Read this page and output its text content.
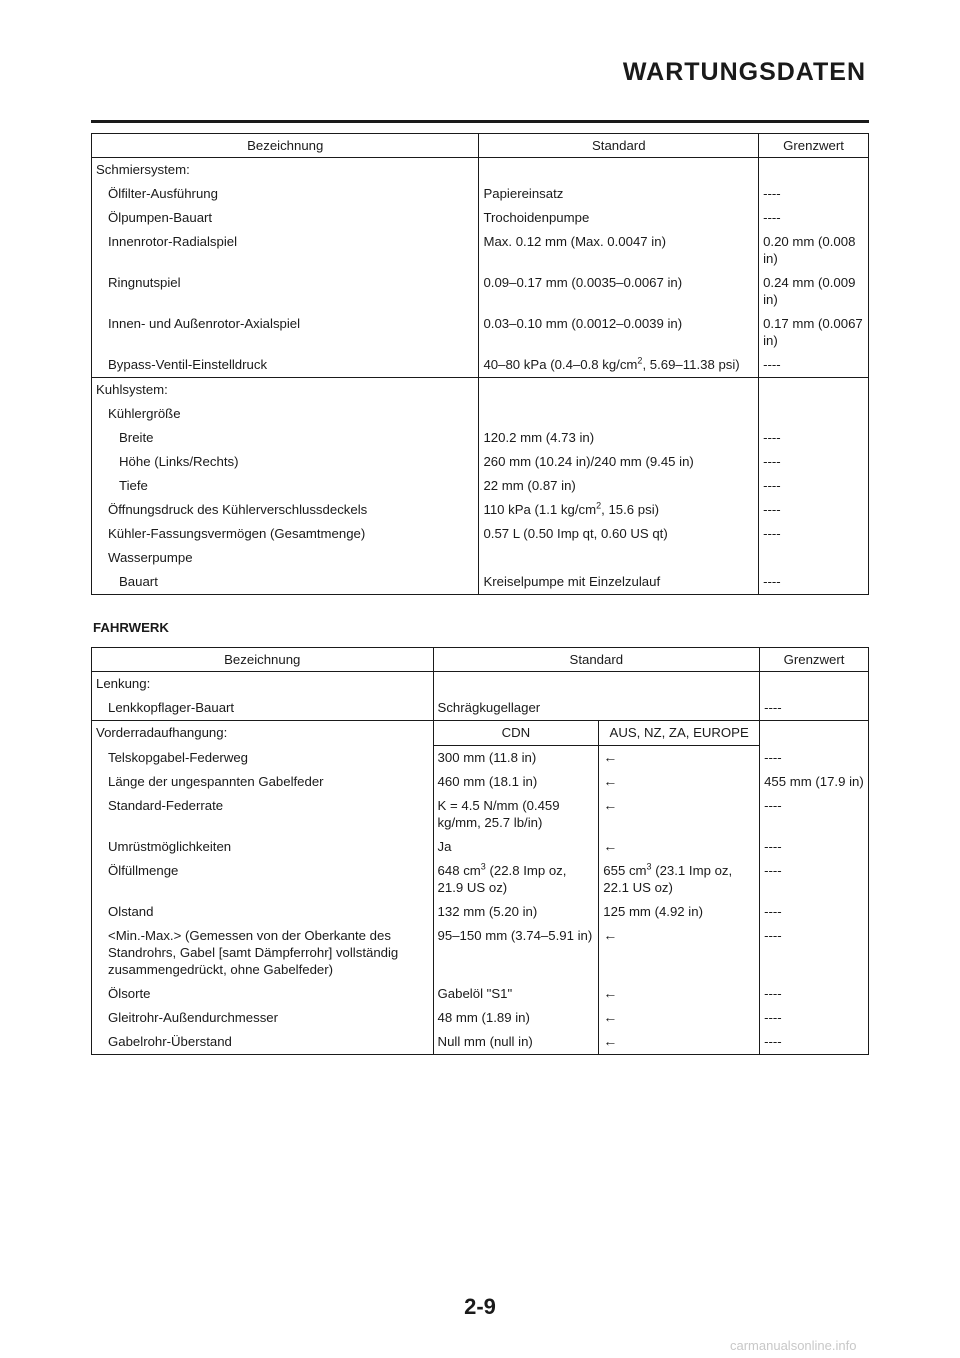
WARTUNGSDATEN
Bezeichnung	Standard	Grenzwert
Schmiersystem:		
Ölfilter-Ausführung	Papiereinsatz	----
Ölpumpen-Bauart	Trochoidenpumpe	----
Innenrotor-Radialspiel	Max. 0.12 mm (Max. 0.0047 in)	0.20 mm (0.008 in)
Ringnutspiel	0.09–0.17 mm (0.0035–0.0067 in)	0.24 mm (0.009 in)
Innen- und Außenrotor-Axialspiel	0.03–0.10 mm (0.0012–0.0039 in)	0.17 mm (0.0067 in)
Bypass-Ventil-Einstelldruck	40–80 kPa (0.4–0.8 $kg/cm^2$, 5.69–11.38 psi)	----
Kuhlsystem:		
Kühlergröße		
Breite	120.2 mm (4.73 in)	----
Höhe (Links/Rechts)	260 mm (10.24 in)/240 mm (9.45 in)	----
Tiefe	22 mm (0.87 in)	----
Öffnungsdruck des Kühlerverschlussdeckels	110 kPa (1.1 $kg/cm^2$, 15.6 psi)	----
Kühler-Fassungsvermögen (Gesamtmenge)	0.57 L (0.50 Imp qt, 0.60 US qt)	----
Wasserpumpe		
Bauart	Kreiselpumpe mit Einzelzulauf	----
FAHRWERK
Bezeichnung	Standard		Grenzwert
Lenkung:			
Lenkkopflager-Bauart	Schrägkugellager		----
Vorderradaufhangung:	CDN	AUS, NZ, ZA, EUROPE	
Telskopgabel-Federweg	300 mm (11.8 in)	←	----
Länge der ungespannten Gabelfeder	460 mm (18.1 in)	←	455 mm (17.9 in)
Standard-Federrate	K = 4.5 N/mm (0.459 kg/mm, 25.7 lb/in)	←	----
Umrüstmöglichkeiten	Ja	←	----
Ölfüllmenge	648 $cm^3$ (22.8 Imp oz, 21.9 US oz)	655 $cm^3$ (23.1 Imp oz, 22.1 US oz)	----
Olstand	132 mm (5.20 in)	125 mm (4.92 in)	----
<Min.-Max.> (Gemessen von der Oberkante des Standrohrs, Gabel [samt Dämpferrohr] vollständig zusammengedrückt, ohne Gabelfeder)	95–150 mm (3.74–5.91 in)	←	----
Ölsorte	Gabelöl "S1"	←	----
Gleitrohr-Außendurchmesser	48 mm (1.89 in)	←	----
Gabelrohr-Überstand	Null mm (null in)	←	----
2-9
carmanualsonline.info
